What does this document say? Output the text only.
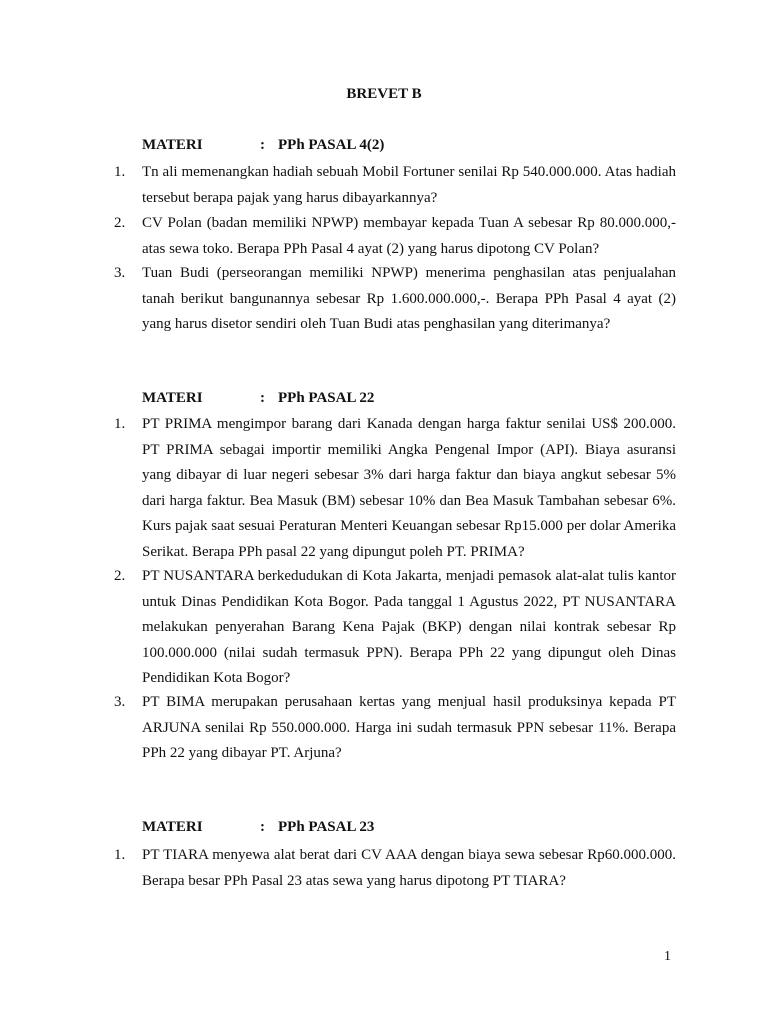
BREVET B
MATERI	: PPh PASAL 4(2)
1. Tn ali memenangkan hadiah sebuah Mobil Fortuner senilai Rp 540.000.000. Atas hadiah tersebut berapa pajak yang harus dibayarkannya?
2. CV Polan (badan memiliki NPWP) membayar kepada Tuan A sebesar Rp 80.000.000,- atas sewa toko. Berapa PPh Pasal 4 ayat (2) yang harus dipotong CV Polan?
3. Tuan Budi (perseorangan memiliki NPWP) menerima penghasilan atas penjualahan tanah berikut bangunannya sebesar Rp 1.600.000.000,-. Berapa PPh Pasal 4 ayat (2) yang harus disetor sendiri oleh Tuan Budi atas penghasilan yang diterimanya?
MATERI	: PPh PASAL 22
1. PT PRIMA mengimpor barang dari Kanada dengan harga faktur senilai US$ 200.000. PT PRIMA sebagai importir memiliki Angka Pengenal Impor (API). Biaya asuransi yang dibayar di luar negeri sebesar 3% dari harga faktur dan biaya angkut sebesar 5% dari harga faktur. Bea Masuk (BM) sebesar 10% dan Bea Masuk Tambahan sebesar 6%. Kurs pajak saat sesuai Peraturan Menteri Keuangan sebesar Rp15.000 per dolar Amerika Serikat. Berapa PPh pasal 22 yang dipungut poleh PT. PRIMA?
2. PT NUSANTARA berkedudukan di Kota Jakarta, menjadi pemasok alat-alat tulis kantor untuk Dinas Pendidikan Kota Bogor. Pada tanggal 1 Agustus 2022, PT NUSANTARA melakukan penyerahan Barang Kena Pajak (BKP) dengan nilai kontrak sebesar Rp 100.000.000 (nilai sudah termasuk PPN). Berapa PPh 22 yang dipungut oleh Dinas Pendidikan Kota Bogor?
3. PT BIMA merupakan perusahaan kertas yang menjual hasil produksinya kepada PT ARJUNA senilai Rp 550.000.000. Harga ini sudah termasuk PPN sebesar 11%. Berapa PPh 22 yang dibayar PT. Arjuna?
MATERI	: PPh PASAL 23
1. PT TIARA menyewa alat berat dari CV AAA dengan biaya sewa sebesar Rp60.000.000. Berapa besar PPh Pasal 23 atas sewa yang harus dipotong PT TIARA?
1
